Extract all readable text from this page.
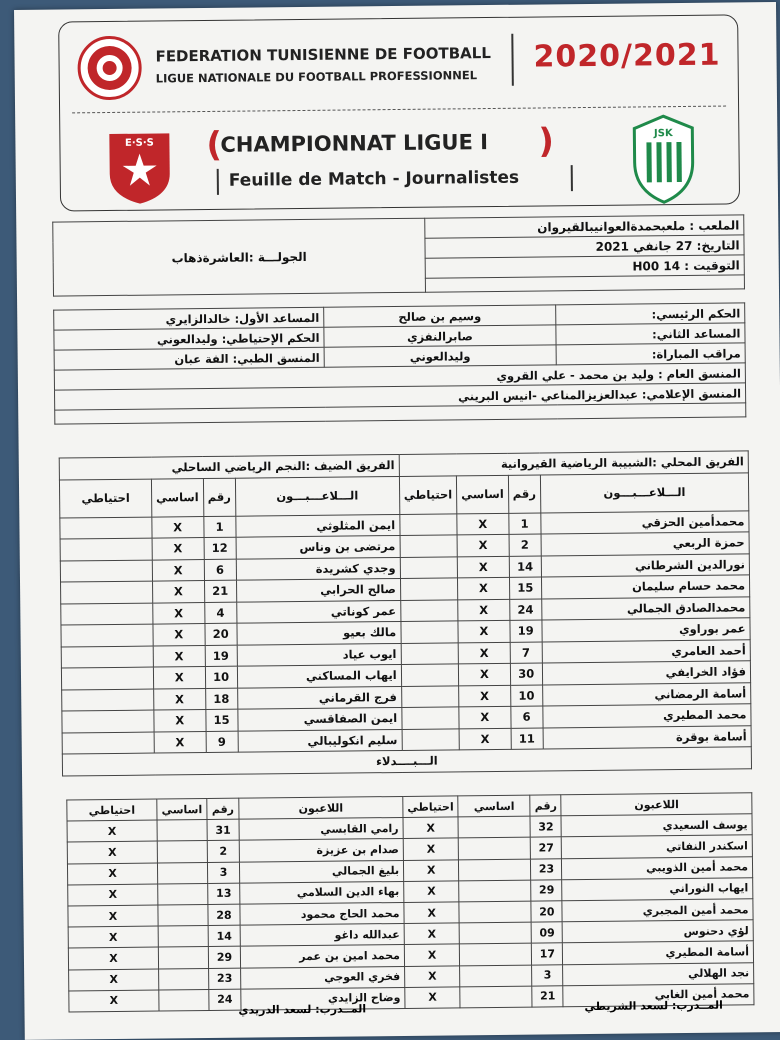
FEDERATION TUNISIENNE DE FOOTBALL
LIGUE NATIONALE DU FOOTBALL PROFESSIONNEL
2020/2021
E·S·S
JSK
(
CHAMPIONNAT LIGUE I )
Feuille de Match - Journalistes
الجولـــة :العاشرةذهاب	الملعب : ملعبحمدةالعوانيبالقيروان
التاريخ: 27 جانفي 2021
التوقيت : 14 H00

المساعد الأول: خالدالزايري	وسيم بن صالح	الحكم الرئيسي:
الحكم الإحتياطي: وليدالعوني	صابرالنفزي	المساعد الثاني:
المنسق الطبي: الفة عبان	وليدالعوني	مراقب المباراة:
المنسق العام : وليد بن محمد - علي القروي		
المنسق الإعلامي: عبدالعزيزالمناعي -انيس البريني		

الفريق الضيف :النجم الرياضي الساحلي				الفريق المحلي :الشبيبة الرياضية القيروانية			
احتياطي	اساسي	رقم	الـــلاعـــبـــون	احتياطي	اساسي	رقم	الـــلاعـــبـــون
	X	1	ايمن المثلوثي		X	1	محمدأمين الحزقي
	X	12	مرتضى بن وناس		X	2	حمزة الربعي
	X	6	وجدي كشريدة		X	14	نورالدين الشرطاني
	X	21	صالح الحرابي		X	15	محمد حسام سليمان
	X	4	عمر كوناتي		X	24	محمدالصادق الجمالي
	X	20	مالك بعيو		X	19	عمر بوراوي
	X	19	ايوب عياد		X	7	أحمد العامري
	X	10	ايهاب المساكني		X	30	فؤاد الخرايفي
	X	18	فرج القرماني		X	10	أسامة الرمضاني
	X	15	ايمن الصفاقسي		X	6	محمد المطيري
	X	9	سليم انكوليبالي		X	11	أسامة بوقرة
الـــبــــدلاء							
احتياطي	اساسي	رقم	اللاعبون	احتياطي	اساسي	رقم	اللاعبون
X		31	رامي القابسي	X		32	يوسف السعيدي
X		2	صدام بن عزيزة	X		27	اسكندر النفاتي
X		3	بليغ الجمالي	X		23	محمد أمين الذويبي
X		13	بهاء الدين السلامي	X		29	ايهاب النوراني
X		28	محمد الحاج محمود	X		20	محمد أمين المجبري
X		14	عبدالله داغو	X		09	لؤي دحنوس
X		29	محمد امين بن عمر	X		17	أسامة المطيري
X		23	فخري العوجي	X		3	نجد الهلالي
X		24	وضاح الزايدي	X		21	محمد أمين الغابي
المــدرب: لسعد الدريدي	المــدرب: لسعد الشريطي
